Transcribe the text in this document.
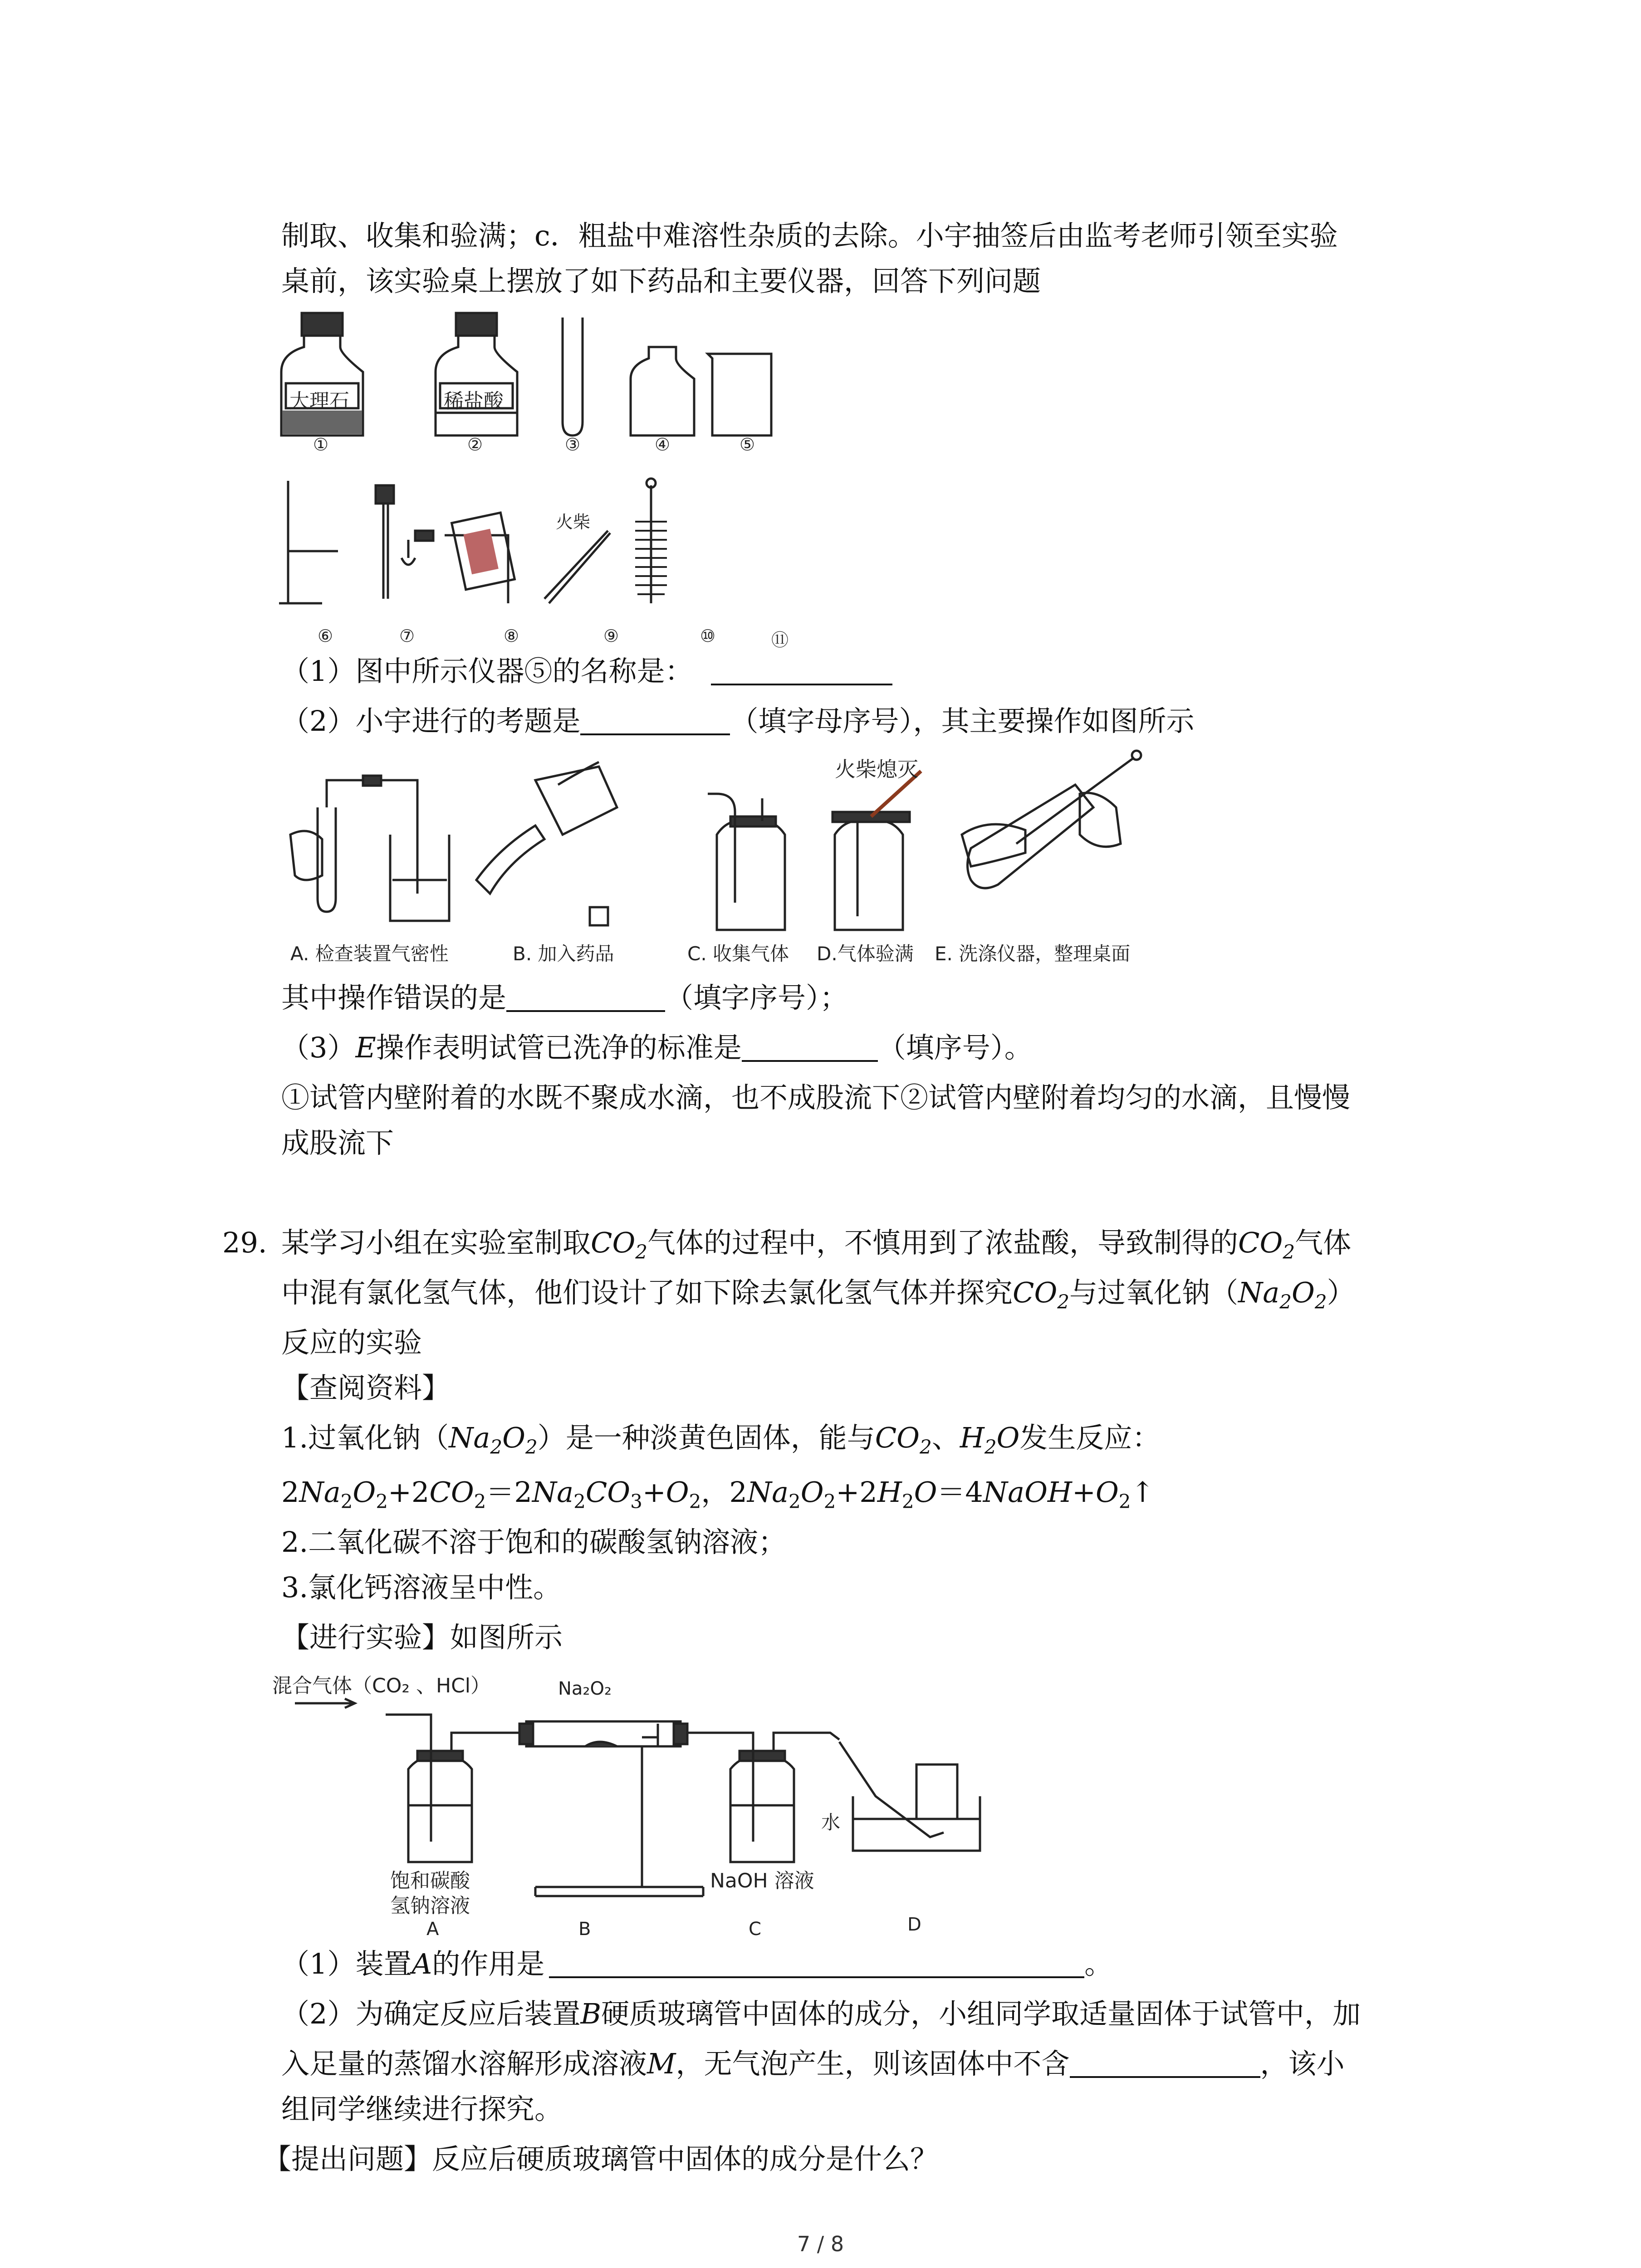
制取、收集和验满；c．粗盐中难溶性杂质的去除。小宇抽签后由监考老师引领至实验
桌前，该实验桌上摆放了如下药品和主要仪器，回答下列问题
大理石	稀盐酸
火柴
①	②	③	④	⑤
⑥	⑦	⑧	⑨	⑩	⑪
（1）图中所示仪器⑤的名称是：
（2）小宇进行的考题是	（填字母序号），其主要操作如图所示
火柴熄灭
A. 检查装置气密性	B. 加入药品	C. 收集气体 D.气体验满 E. 洗涤仪器，整理桌面
其中操作错误的是	（填字序号）；
（3）E操作表明试管已洗净的标准是	（填序号）。
①试管内壁附着的水既不聚成水滴，也不成股流下②试管内壁附着均匀的水滴，且慢慢
成股流下
29. 某学习小组在实验室制取$CO_2$气体的过程中，不慎用到了浓盐酸，导致制得的$CO_2$气体
中混有氯化氢气体，他们设计了如下除去氯化氢气体并探究$CO_2$与过氧化钠$(Na_2O_2)$
反应的实验
【查阅资料】
1.过氧化钠$(Na_2O_2)$是一种淡黄色固体，能与$CO_2$、$H_2O$发生反应：
$2Na_2O_2+2CO_2=2Na_2CO_3+O_2$，$2Na_2O_2+2H_2O=4NaOH+O_2↑$
2.二氧化碳不溶于饱和的碳酸氢钠溶液；
3.氯化钙溶液呈中性。
【进行实验】如图所示
混合气体（CO₂ 、HCl）	Na₂O₂
饱和碳酸
氢钠溶液
NaOH 溶液
水
A	B	C	D
（1）装置A的作用是	。
（2）为确定反应后装置B硬质玻璃管中固体的成分，小组同学取适量固体于试管中，加
入足量的蒸馏水溶解形成溶液M，无气泡产生，则该固体中不含	，该小
组同学继续进行探究。
【提出问题】反应后硬质玻璃管中固体的成分是什么？
7 / 8
